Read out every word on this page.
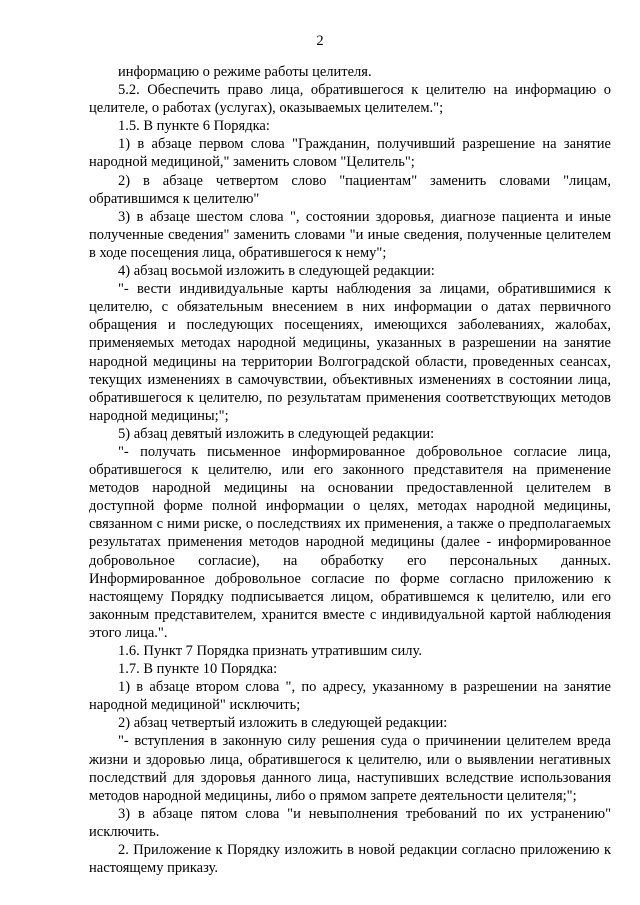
2

информацию о режиме работы целителя.

5.2. Обеспечить право лица, обратившегося к целителю на информацию о целителе, о работах (услугах), оказываемых целителем.";

1.5. В пункте 6 Порядка:

1) в абзаце первом слова "Гражданин, получивший разрешение на занятие народной медициной," заменить словом "Целитель";

2) в абзаце четвертом слово "пациентам" заменить словами "лицам, обратившимся к целителю"

3) в абзаце шестом слова ", состоянии здоровья, диагнозе пациента и иные полученные сведения" заменить словами "и иные сведения, полученные целителем в ходе посещения лица, обратившегося к нему";

4) абзац восьмой изложить в следующей редакции:

"- вести индивидуальные карты наблюдения за лицами, обратившимися к целителю, с обязательным внесением в них информации о датах первичного обращения и последующих посещениях, имеющихся заболеваниях, жалобах, применяемых методах народной медицины, указанных в разрешении на занятие народной медицины на территории Волгоградской области, проведенных сеансах, текущих изменениях в самочувствии, объективных изменениях в состоянии лица, обратившегося к целителю, по результатам применения соответствующих методов народной медицины;";

5) абзац девятый изложить в следующей редакции:

"- получать письменное информированное добровольное согласие лица, обратившегося к целителю, или его законного представителя на применение методов народной медицины на основании предоставленной целителем в доступной форме полной информации о целях, методах народной медицины, связанном с ними риске, о последствиях их применения, а также о предполагаемых результатах применения методов народной медицины (далее - информированное добровольное согласие), на обработку его персональных данных. Информированное добровольное согласие по форме согласно приложению к настоящему Порядку подписывается лицом, обратившемся к целителю, или его законным представителем, хранится вместе с индивидуальной картой наблюдения этого лица.".

1.6. Пункт 7 Порядка признать утратившим силу.

1.7. В пункте 10 Порядка:

1) в абзаце втором слова ", по адресу, указанному в разрешении на занятие народной медициной" исключить;

2) абзац четвертый изложить в следующей редакции:

"- вступления в законную силу решения суда о причинении целителем вреда жизни и здоровью лица, обратившегося к целителю, или о выявлении негативных последствий для здоровья данного лица, наступивших вследствие использования методов народной медицины, либо о прямом запрете деятельности целителя;";

3) в абзаце пятом слова "и невыполнения требований по их устранению" исключить.

2. Приложение к Порядку изложить в новой редакции согласно приложению к настоящему приказу.
